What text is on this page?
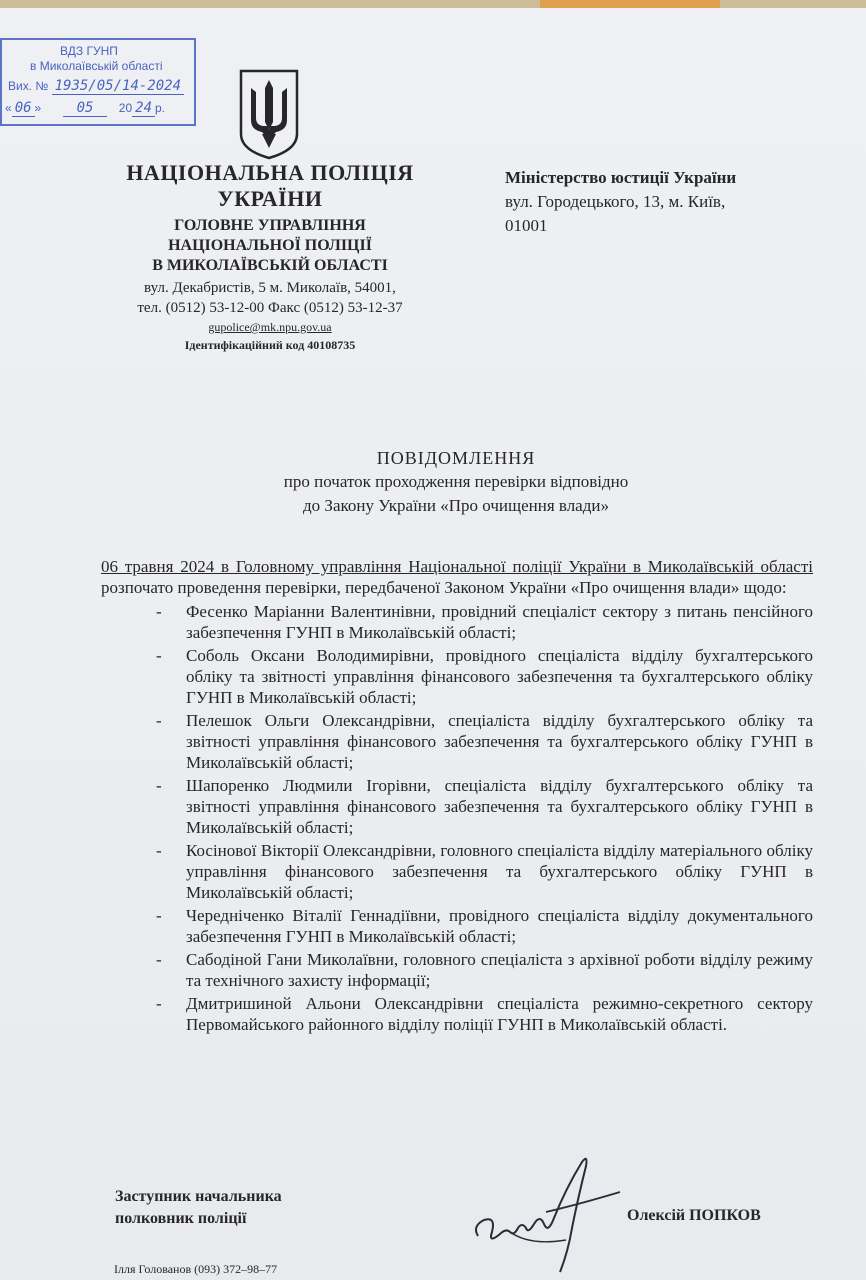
ВДЗ ГУНП
в Миколаївській області
Вих. № 1935/05/14-2024
« 06 »	05 20 24 р.
НАЦІОНАЛЬНА ПОЛІЦІЯ
УКРАЇНИ
ГОЛОВНЕ УПРАВЛІННЯ
НАЦІОНАЛЬНОЇ ПОЛІЦІЇ
В МИКОЛАЇВСЬКІЙ ОБЛАСТІ
вул. Декабристів, 5 м. Миколаїв, 54001,
тел. (0512) 53-12-00 Факс (0512) 53-12-37
gupolice@mk.npu.gov.ua
Ідентифікаційний код 40108735
Міністерство юстиції України
вул. Городецького, 13, м. Київ,
01001
ПОВІДОМЛЕННЯ
про початок проходження перевірки відповідно
до Закону України «Про очищення влади»
06 травня 2024 в Головному управління Національної поліції України в Миколаївській області розпочато проведення перевірки, передбаченої Законом України «Про очищення влади» щодо:
- Фесенко Маріанни Валентинівни, провідний спеціаліст сектору з питань пенсійного забезпечення ГУНП в Миколаївській області;
- Соболь Оксани Володимирівни, провідного спеціаліста відділу бухгалтерського обліку та звітності управління фінансового забезпечення та бухгалтерського обліку ГУНП в Миколаївській області;
- Пелешок Ольги Олександрівни, спеціаліста відділу бухгалтерського обліку та звітності управління фінансового забезпечення та бухгалтерського обліку ГУНП в Миколаївській області;
- Шапоренко Людмили Ігорівни, спеціаліста відділу бухгалтерського обліку та звітності управління фінансового забезпечення та бухгалтерського обліку ГУНП в Миколаївській області;
- Косінової Вікторії Олександрівни, головного спеціаліста відділу матеріального обліку управління фінансового забезпечення та бухгалтерського обліку ГУНП в Миколаївській області;
- Чередніченко Віталії Геннадіївни, провідного спеціаліста відділу документального забезпечення ГУНП в Миколаївській області;
- Сабодіной Гани Миколаївни, головного спеціаліста з архівної роботи відділу режиму та технічного захисту інформації;
- Дмитришиной Альони Олександрівни спеціаліста режимно-секретного сектору Первомайського районного відділу поліції ГУНП в Миколаївській області.
Заступник начальника
полковник поліції	Олексій ПОПКОВ
Ілля Голованов (093) 372–98–77
